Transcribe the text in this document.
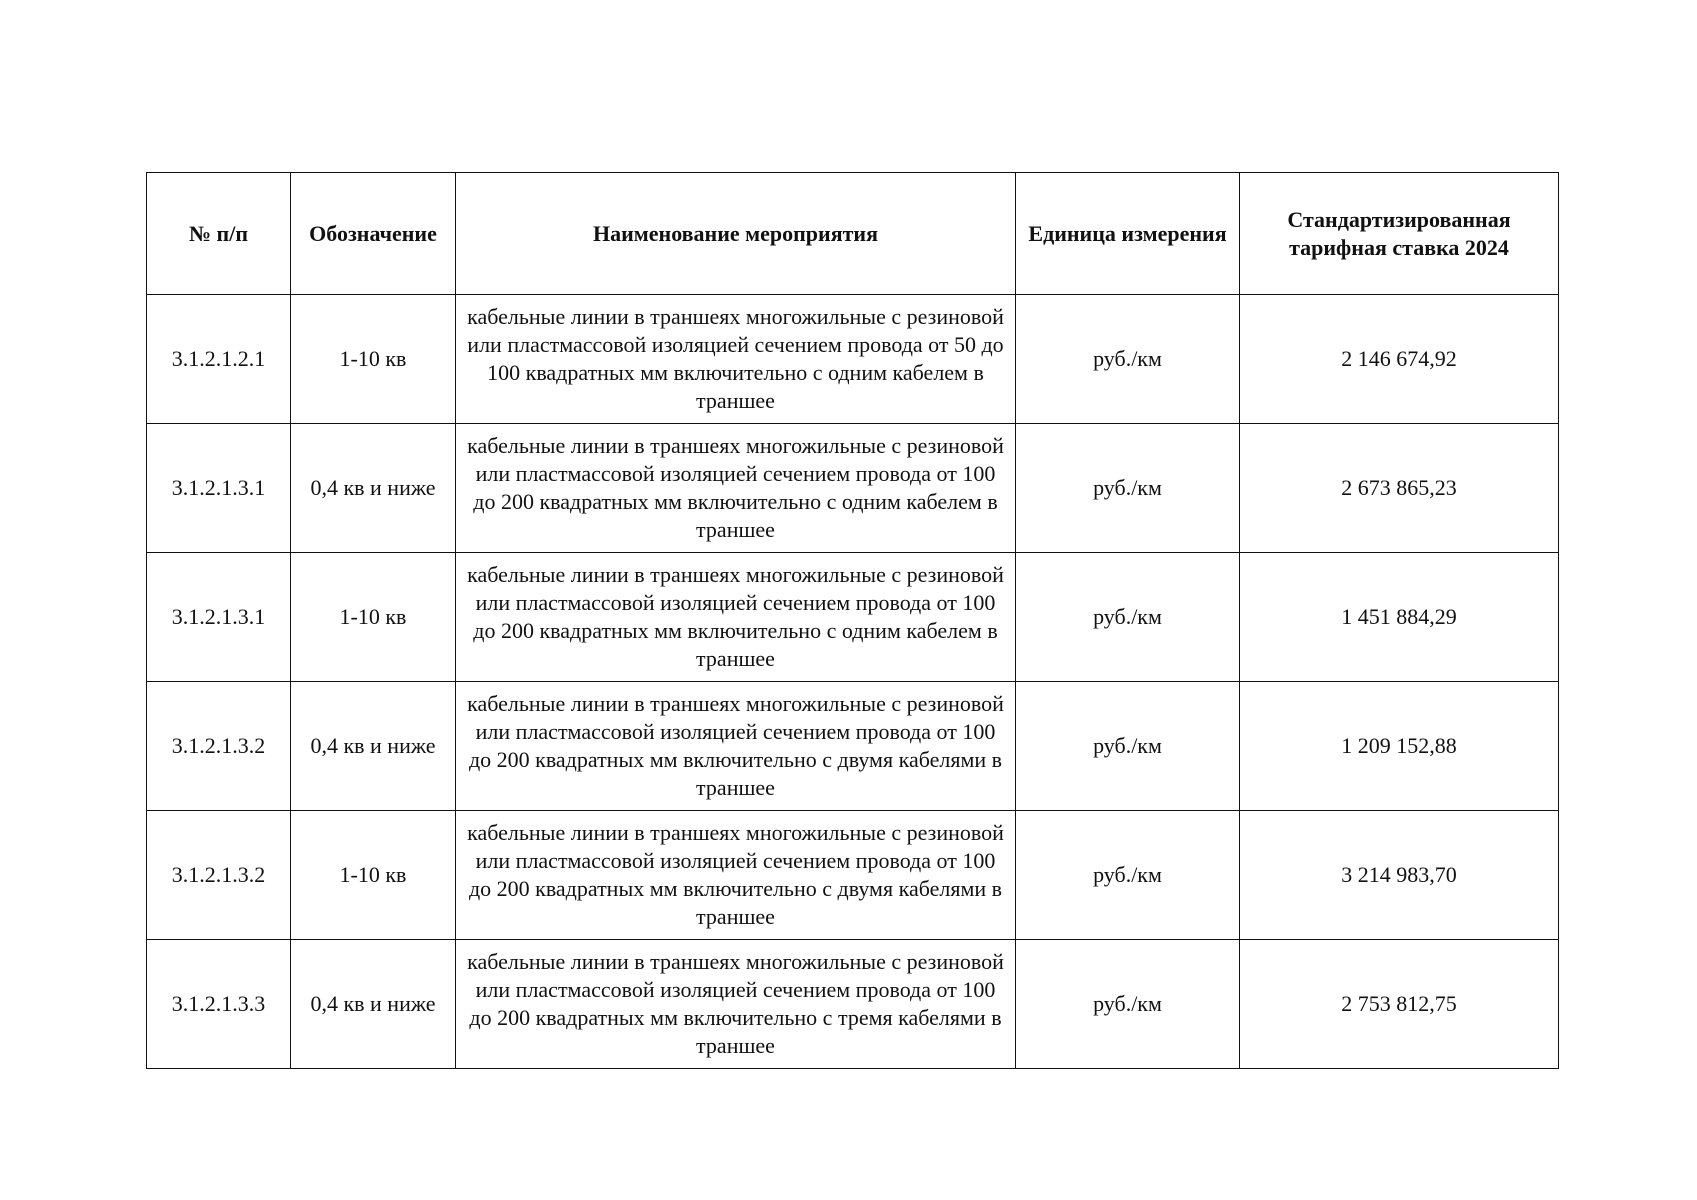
№ п/п	Обозначение	Наименование мероприятия	Единица измерения	Стандартизированная тарифная ставка 2024
3.1.2.1.2.1	1-10 кв	кабельные линии в траншеях многожильные с резиновой или пластмассовой изоляцией сечением провода от 50 до 100 квадратных мм включительно с одним кабелем в траншее	руб./км	2 146 674,92
3.1.2.1.3.1	0,4 кв и ниже	кабельные линии в траншеях многожильные с резиновой или пластмассовой изоляцией сечением провода от 100 до 200 квадратных мм включительно с одним кабелем в траншее	руб./км	2 673 865,23
3.1.2.1.3.1	1-10 кв	кабельные линии в траншеях многожильные с резиновой или пластмассовой изоляцией сечением провода от 100 до 200 квадратных мм включительно с одним кабелем в траншее	руб./км	1 451 884,29
3.1.2.1.3.2	0,4 кв и ниже	кабельные линии в траншеях многожильные с резиновой или пластмассовой изоляцией сечением провода от 100 до 200 квадратных мм включительно с двумя кабелями в траншее	руб./км	1 209 152,88
3.1.2.1.3.2	1-10 кв	кабельные линии в траншеях многожильные с резиновой или пластмассовой изоляцией сечением провода от 100 до 200 квадратных мм включительно с двумя кабелями в траншее	руб./км	3 214 983,70
3.1.2.1.3.3	0,4 кв и ниже	кабельные линии в траншеях многожильные с резиновой или пластмассовой изоляцией сечением провода от 100 до 200 квадратных мм включительно с тремя кабелями в траншее	руб./км	2 753 812,75
